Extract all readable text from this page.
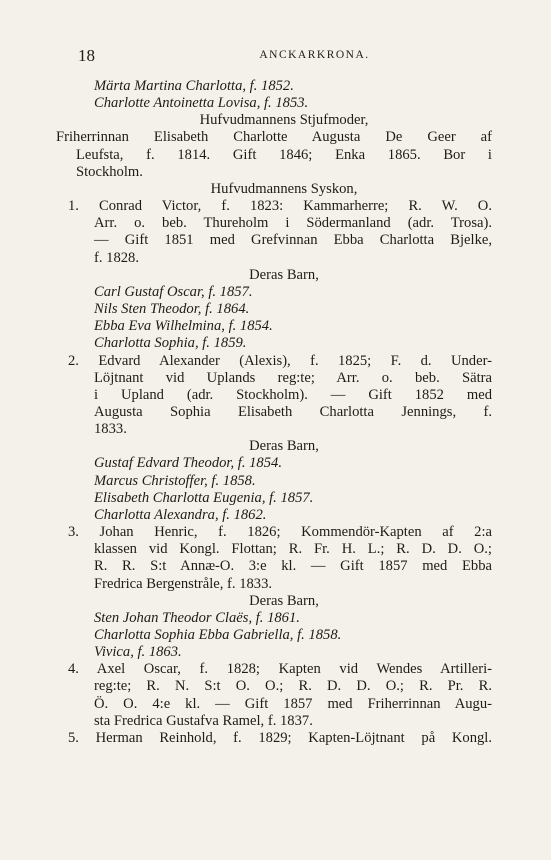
18	ANCKARKRONA.
Märta Martina Charlotta, f. 1852.
Charlotte Antoinetta Lovisa, f. 1853.
Hufvudmannens Stjufmoder,
Friherrinnan Elisabeth Charlotte Augusta De Geer af
Leufsta, f. 1814. Gift 1846; Enka 1865. Bor i
Stockholm.
Hufvudmannens Syskon,
1. Conrad Victor, f. 1823: Kammarherre; R. W. O.
Arr. o. beb. Thureholm i Södermanland (adr. Trosa).
— Gift 1851 med Grefvinnan Ebba Charlotta Bjelke,
f. 1828.
Deras Barn,
Carl Gustaf Oscar, f. 1857.
Nils Sten Theodor, f. 1864.
Ebba Eva Wilhelmina, f. 1854.
Charlotta Sophia, f. 1859.
2. Edvard Alexander (Alexis), f. 1825; F. d. Under-
Löjtnant vid Uplands reg:te; Arr. o. beb. Sätra
i Upland (adr. Stockholm). — Gift 1852 med
Augusta Sophia Elisabeth Charlotta Jennings, f.
1833.
Deras Barn,
Gustaf Edvard Theodor, f. 1854.
Marcus Christoffer, f. 1858.
Elisabeth Charlotta Eugenia, f. 1857.
Charlotta Alexandra, f. 1862.
3. Johan Henric, f. 1826; Kommendör-Kapten af 2:a
klassen vid Kongl. Flottan; R. Fr. H. L.; R. D. D. O.;
R. R. S:t Annæ-O. 3:e kl. — Gift 1857 med Ebba
Fredrica Bergenstråle, f. 1833.
Deras Barn,
Sten Johan Theodor Claës, f. 1861.
Charlotta Sophia Ebba Gabriella, f. 1858.
Vivica, f. 1863.
4. Axel Oscar, f. 1828; Kapten vid Wendes Artilleri-
reg:te; R. N. S:t O. O.; R. D. D. O.; R. Pr. R.
Ö. O. 4:e kl. — Gift 1857 med Friherrinnan Augu-
sta Fredrica Gustafva Ramel, f. 1837.
5. Herman Reinhold, f. 1829; Kapten-Löjtnant på Kongl.
